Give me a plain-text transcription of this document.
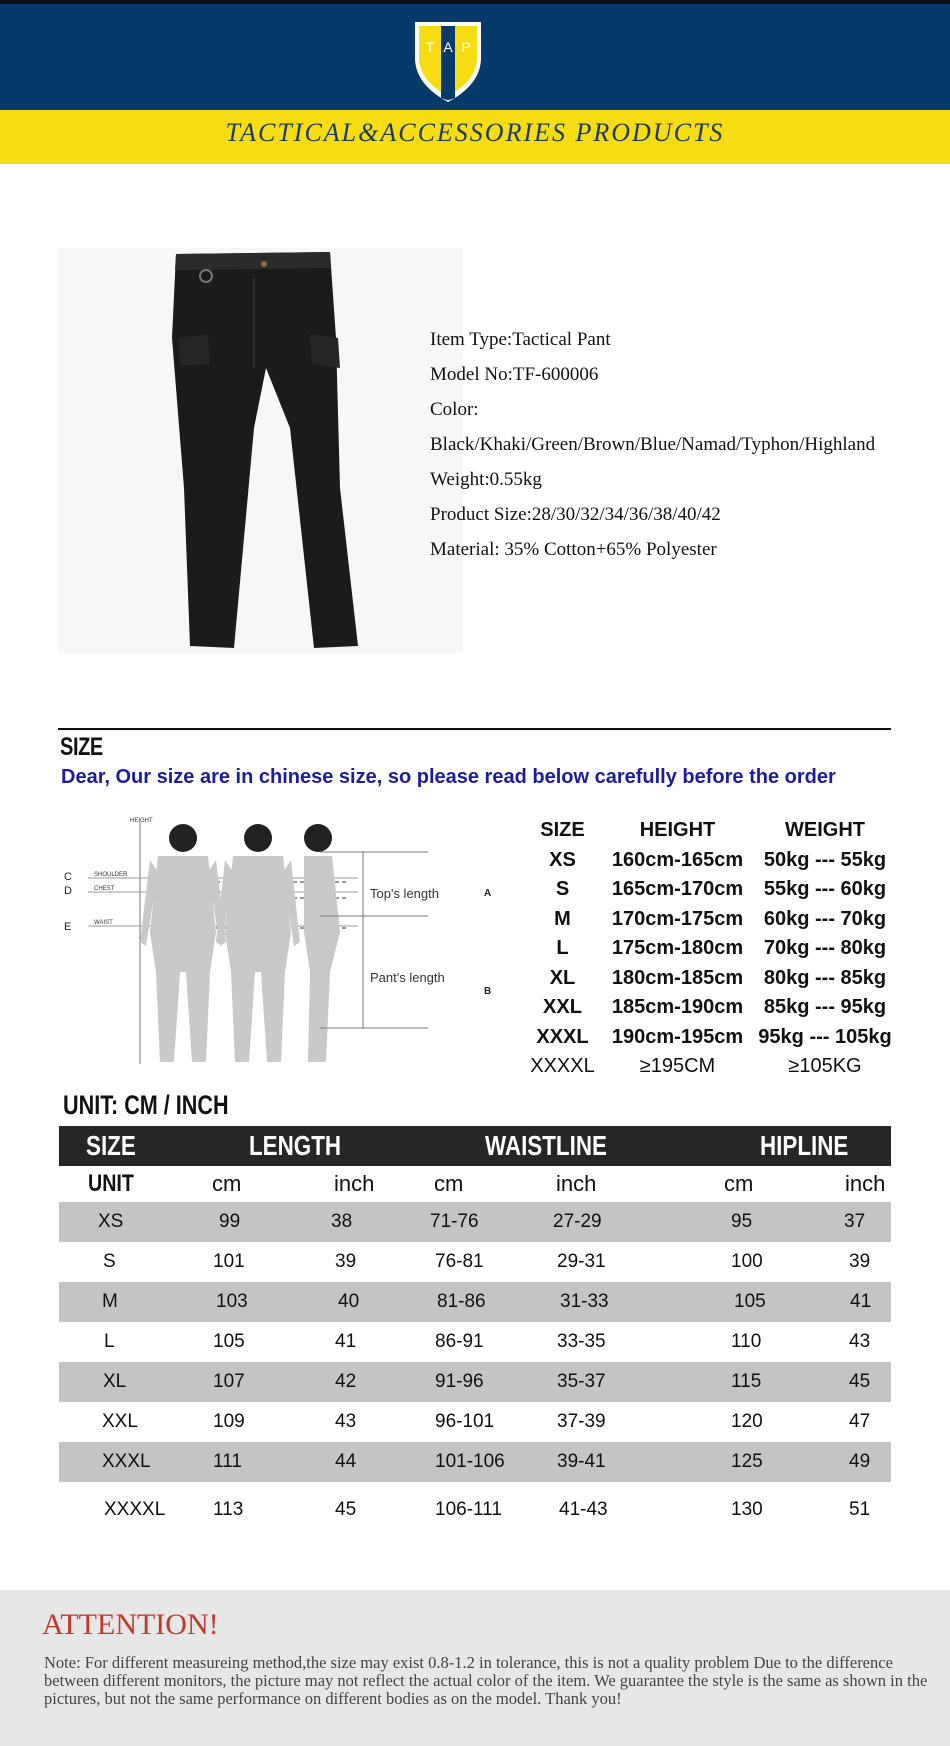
T A P
TACTICAL&ACCESSORIES PRODUCTS
Item Type:Tactical Pant
Model No:TF-600006
Color:
Black/Khaki/Green/Brown/Blue/Namad/Typhon/Highland
Weight:0.55kg
Product Size:28/30/32/34/36/38/40/42
Material: 35% Cotton+65% Polyester
SIZE
Dear, Our size are in chinese size, so please read below carefully before the order
HEIGHT
C
D
E
SHOULDER
CHEST
WAIST
Top's length
Pant's length
A
B
SIZE	HEIGHT	WEIGHT
XS	160cm-165cm	50kg --- 55kg
S	165cm-170cm	55kg --- 60kg
M	170cm-175cm	60kg --- 70kg
L	175cm-180cm	70kg --- 80kg
XL	180cm-185cm	80kg --- 85kg
XXL	185cm-190cm	85kg --- 95kg
XXXL	190cm-195cm 95kg --- 105kg
XXXXL	≥195CM	≥105KG
UNIT: CM / INCH
SIZE	LENGTH	WAISTLINE	HIPLINE
UNIT	cm	inch	cm	inch	cm	inch
XS	99	38	71-76	27-29	95	37
S	101	39	76-81	29-31	100	39
M	103	40	81-86	31-33	105	41
L	105	41	86-91	33-35	110	43
XL	107	42	91-96	35-37	115	45
XXL	109	43	96-101	37-39	120	47
XXXL	111	44	101-106	39-41	125	49
XXXXL	113	45	106-111	41-43	130	51
ATTENTION!
Note: For different measureing method,the size may exist 0.8-1.2 in tolerance, this is not a quality problem Due to the difference between different monitors, the picture may not reflect the actual color of the item. We guarantee the style is the same as shown in the pictures, but not the same performance on different bodies as on the model. Thank you!
